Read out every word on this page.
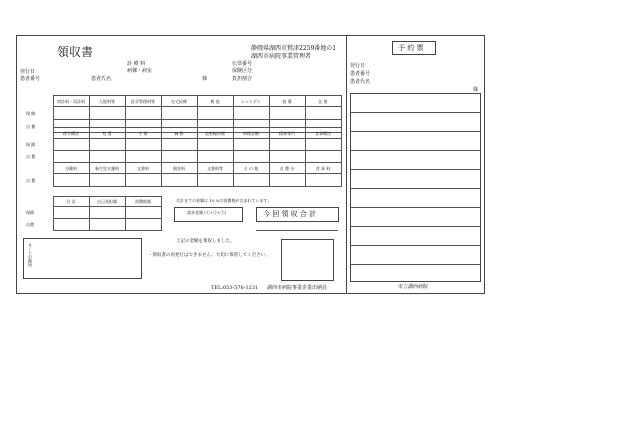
領収書
診 療 料
病棟・病室
発行日
患者番号	患者氏名	様
伝票番号
保険区分
負担割合
静岡県湖西市鷲津2259番地の1
湖西市病院事業管理者
	初診料・再診料	入院料等	医学管理料等	在宅医療	検 査	レントゲン	投 薬	注 射
保 険								
自 費								
	理学療法	処 置	手 術	麻 酔	放射線治療	病理診断	精神専門	食事療法
保 険								
自 費								
	分娩料	新生児介護料	文書料	個室料	文書料等	そ の 他	自 費 分	食 事 料
自 費								
	合 計	自己負担額	消費税額
保険			
自費			
合計までの金額は 10 %の消費税が含まれています。
請求金額 (①+②+③)	今 回 領 収 合 計
カード引換所
上記の金額を領収しました。
・領収書の再発行はできません。大切に保管してください。
TEL:053-576-1231 湖西市病院事業企業出納員
予 約 票
発行日
患者番号
患者氏名
様
市立湖西病院
